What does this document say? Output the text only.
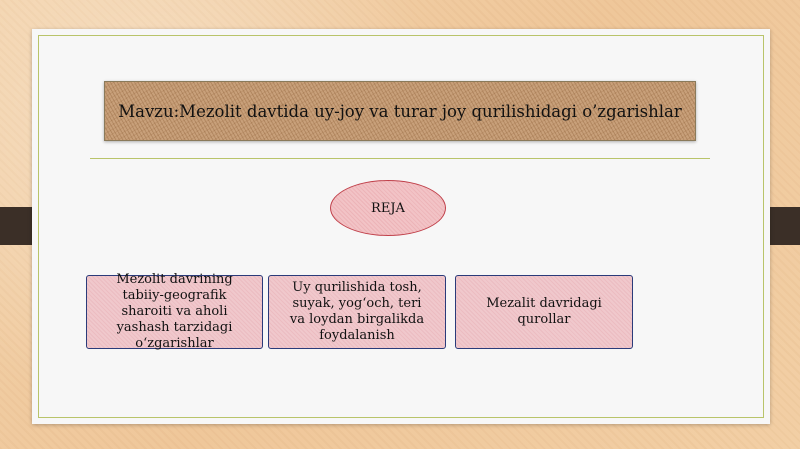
Mavzu:Mezolit davtida uy-joy va turar joy qurilishidagi o’zgarishlar
REJA
Mezolit davrining
tabiiy-geografik
sharoiti va aholi
yashash tarzidagi
o‘zgarishlar
Uy qurilishida tosh,
suyak, yog‘och, teri
va loydan birgalikda
foydalanish
Mezalit davridagi
qurollar
